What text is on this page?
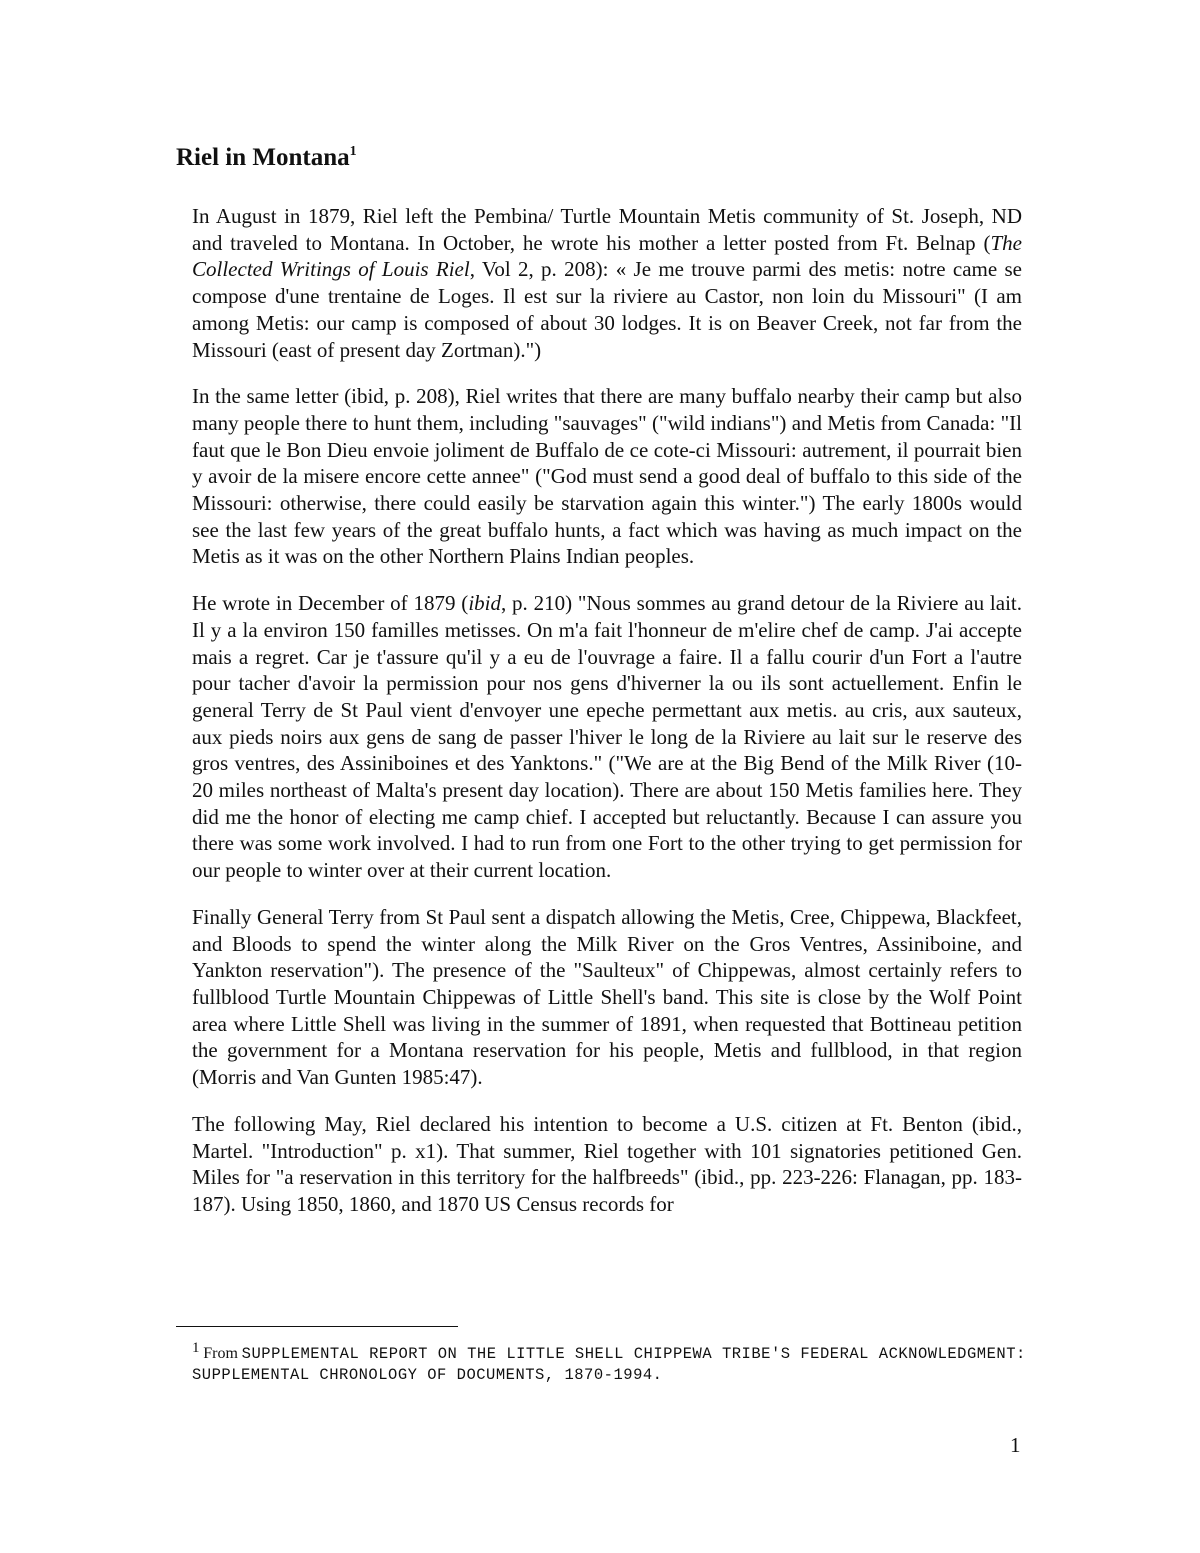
Riel in Montana$^1$

In August in 1879, Riel left the Pembina/ Turtle Mountain Metis community of St. Joseph, ND and traveled to Montana. In October, he wrote his mother a letter posted from Ft. Belnap (The Collected Writings of Louis Riel, Vol 2, p. 208): « Je me trouve parmi des metis: notre came se compose d'une trentaine de Loges. Il est sur la riviere au Castor, non loin du Missouri" (I am among Metis: our camp is composed of about 30 lodges. It is on Beaver Creek, not far from the Missouri (east of present day Zortman).")

In the same letter (ibid, p. 208), Riel writes that there are many buffalo nearby their camp but also many people there to hunt them, including "sauvages" ("wild indians") and Metis from Canada: "Il faut que le Bon Dieu envoie joliment de Buffalo de ce cote-ci Missouri: autrement, il pourrait bien y avoir de la misere encore cette annee" ("God must send a good deal of buffalo to this side of the Missouri: otherwise, there could easily be starvation again this winter.") The early 1800s would see the last few years of the great buffalo hunts, a fact which was having as much impact on the Metis as it was on the other Northern Plains Indian peoples.

He wrote in December of 1879 (ibid, p. 210) "Nous sommes au grand detour de la Riviere au lait. Il y a la environ 150 familles metisses. On m'a fait l'honneur de m'elire chef de camp. J'ai accepte mais a regret. Car je t'assure qu'il y a eu de l'ouvrage a faire. Il a fallu courir d'un Fort a l'autre pour tacher d'avoir la permission pour nos gens d'hiverner la ou ils sont actuellement. Enfin le general Terry de St Paul vient d'envoyer une epeche permettant aux metis. au cris, aux sauteux, aux pieds noirs aux gens de sang de passer l'hiver le long de la Riviere au lait sur le reserve des gros ventres, des Assiniboines et des Yanktons." ("We are at the Big Bend of the Milk River (10-20 miles northeast of Malta's present day location). There are about 150 Metis families here. They did me the honor of electing me camp chief. I accepted but reluctantly. Because I can assure you there was some work involved. I had to run from one Fort to the other trying to get permission for our people to winter over at their current location.

Finally General Terry from St Paul sent a dispatch allowing the Metis, Cree, Chippewa, Blackfeet, and Bloods to spend the winter along the Milk River on the Gros Ventres, Assiniboine, and Yankton reservation"). The presence of the "Saulteux" of Chippewas, almost certainly refers to fullblood Turtle Mountain Chippewas of Little Shell's band. This site is close by the Wolf Point area where Little Shell was living in the summer of 1891, when requested that Bottineau petition the government for a Montana reservation for his people, Metis and fullblood, in that region (Morris and Van Gunten 1985:47).

The following May, Riel declared his intention to become a U.S. citizen at Ft. Benton (ibid., Martel. "Introduction" p. x1). That summer, Riel together with 101 signatories petitioned Gen. Miles for "a reservation in this territory for the halfbreeds" (ibid., pp. 223-226: Flanagan, pp. 183-187). Using 1850, 1860, and 1870 US Census records for

1 From SUPPLEMENTAL REPORT ON THE LITTLE SHELL CHIPPEWA TRIBE'S FEDERAL ACKNOWLEDGMENT: SUPPLEMENTAL CHRONOLOGY OF DOCUMENTS, 1870-1994.

1
